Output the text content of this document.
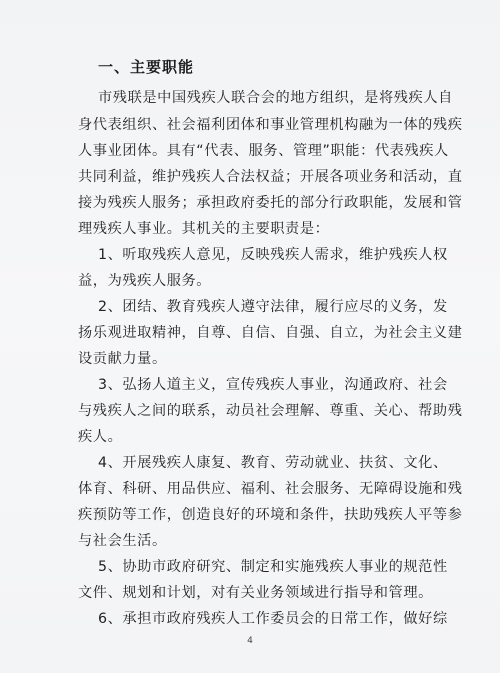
一、主要职能
市残联是中国残疾人联合会的地方组织，是将残疾人自
身代表组织、社会福利团体和事业管理机构融为一体的残疾
人事业团体。具有“代表、服务、管理”职能：代表残疾人
共同利益，维护残疾人合法权益；开展各项业务和活动，直
接为残疾人服务；承担政府委托的部分行政职能，发展和管
理残疾人事业。其机关的主要职责是：
1、听取残疾人意见，反映残疾人需求，维护残疾人权
益，为残疾人服务。
2、团结、教育残疾人遵守法律，履行应尽的义务，发
扬乐观进取精神，自尊、自信、自强、自立，为社会主义建
设贡献力量。
3、弘扬人道主义，宣传残疾人事业，沟通政府、社会
与残疾人之间的联系，动员社会理解、尊重、关心、帮助残
疾人。
4、开展残疾人康复、教育、劳动就业、扶贫、文化、
体育、科研、用品供应、福利、社会服务、无障碍设施和残
疾预防等工作，创造良好的环境和条件，扶助残疾人平等参
与社会生活。
5、协助市政府研究、制定和实施残疾人事业的规范性
文件、规划和计划，对有关业务领域进行指导和管理。
6、承担市政府残疾人工作委员会的日常工作，做好综
4
